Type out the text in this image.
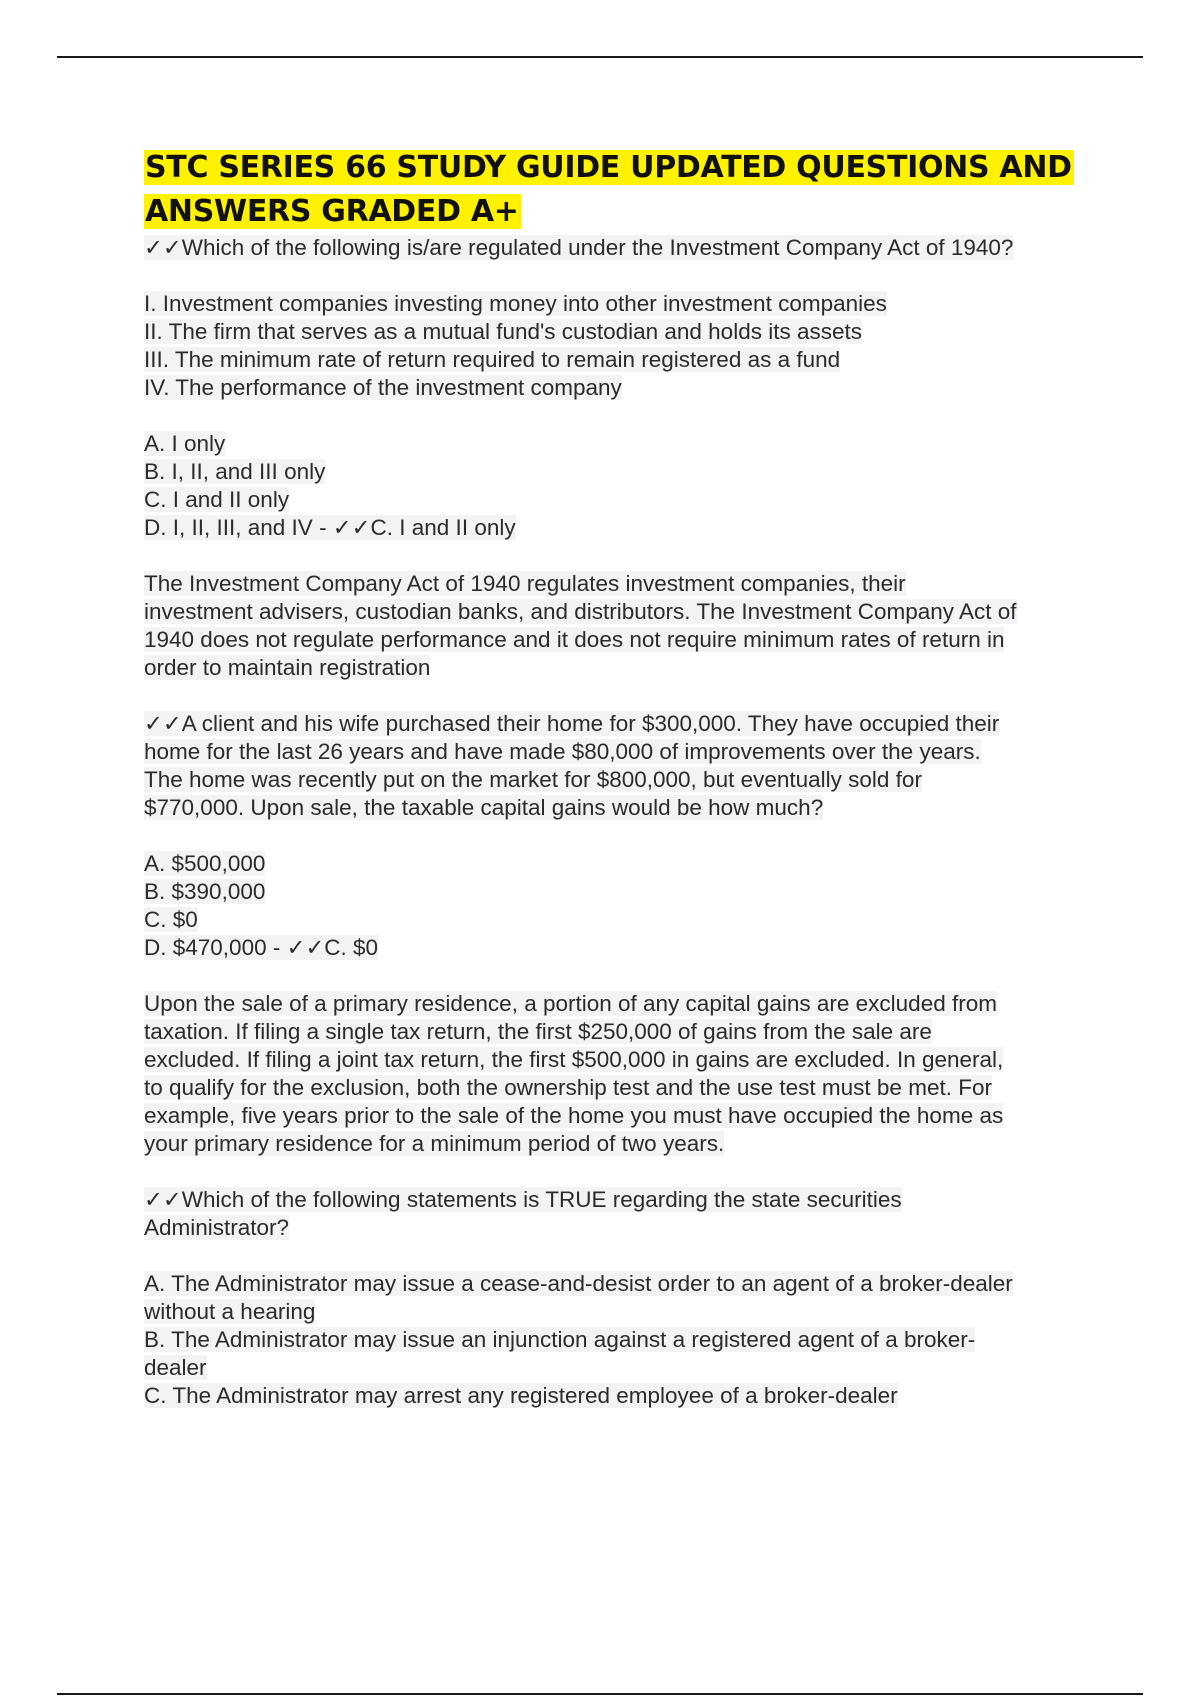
STC SERIES 66 STUDY GUIDE UPDATED QUESTIONS AND
ANSWERS GRADED A+
✓✓Which of the following is/are regulated under the Investment Company Act of 1940?
I. Investment companies investing money into other investment companies
II. The firm that serves as a mutual fund's custodian and holds its assets
III. The minimum rate of return required to remain registered as a fund
IV. The performance of the investment company
A. I only
B. I, II, and III only
C. I and II only
D. I, II, III, and IV - ✓✓C. I and II only
The Investment Company Act of 1940 regulates investment companies, their
investment advisers, custodian banks, and distributors. The Investment Company Act of
1940 does not regulate performance and it does not require minimum rates of return in
order to maintain registration
✓✓A client and his wife purchased their home for $300,000. They have occupied their
home for the last 26 years and have made $80,000 of improvements over the years.
The home was recently put on the market for $800,000, but eventually sold for
$770,000. Upon sale, the taxable capital gains would be how much?
A. $500,000
B. $390,000
C. $0
D. $470,000 - ✓✓C. $0
Upon the sale of a primary residence, a portion of any capital gains are excluded from
taxation. If filing a single tax return, the first $250,000 of gains from the sale are
excluded. If filing a joint tax return, the first $500,000 in gains are excluded. In general,
to qualify for the exclusion, both the ownership test and the use test must be met. For
example, five years prior to the sale of the home you must have occupied the home as
your primary residence for a minimum period of two years.
✓✓Which of the following statements is TRUE regarding the state securities
Administrator?
A. The Administrator may issue a cease-and-desist order to an agent of a broker-dealer
without a hearing
B. The Administrator may issue an injunction against a registered agent of a broker-
dealer
C. The Administrator may arrest any registered employee of a broker-dealer
